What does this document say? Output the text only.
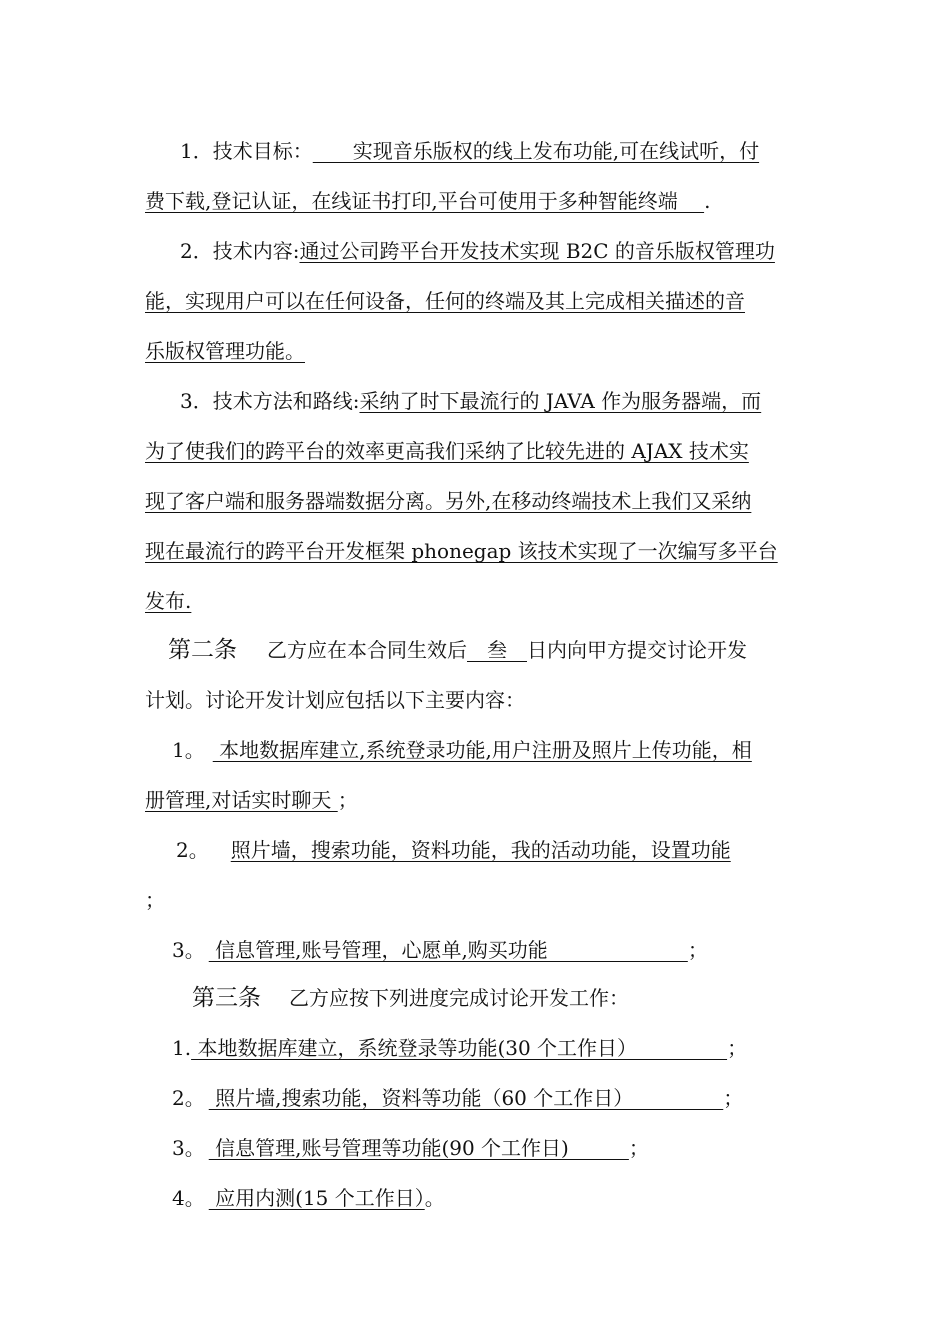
1．技术目标： 　　实现音乐版权的线上发布功能,可在线试听，付
费下载,登记认证，在线证书打印,平台可使用于多种智能终端　 .
2．技术内容:通过公司跨平台开发技术实现 B2C 的音乐版权管理功
能，实现用户可以在任何设备，任何的终端及其上完成相关描述的音
乐版权管理功能。
3．技术方法和路线:采纳了时下最流行的 JAVA 作为服务器端，而
为了使我们的跨平台的效率更高我们采纳了比较先进的 AJAX 技术实
现了客户端和服务器端数据分离。另外,在移动终端技术上我们又采纳
现在最流行的跨平台开发框架 phonegap 该技术实现了一次编写多平台
发布.
第二条 乙方应在本合同生效后　叁　日内向甲方提交讨论开发
计划。讨论开发计划应包括以下主要内容：
1。 本地数据库建立,系统登录功能,用户注册及照片上传功能，相
册管理,对话实时聊天 ；
2。 照片墙，搜索功能，资料功能，我的活动功能，设置功能
；
3。 信息管理,账号管理，心愿单,购买功能　　　　　　　；
第三条 乙方应按下列进度完成讨论开发工作：
1. 本地数据库建立，系统登录等功能(30 个工作日）　　　　　；
2。 照片墙,搜索功能，资料等功能（60 个工作日）　　　　　；
3。 信息管理,账号管理等功能(90 个工作日)　　　；
4。 应用内测(15 个工作日）。
